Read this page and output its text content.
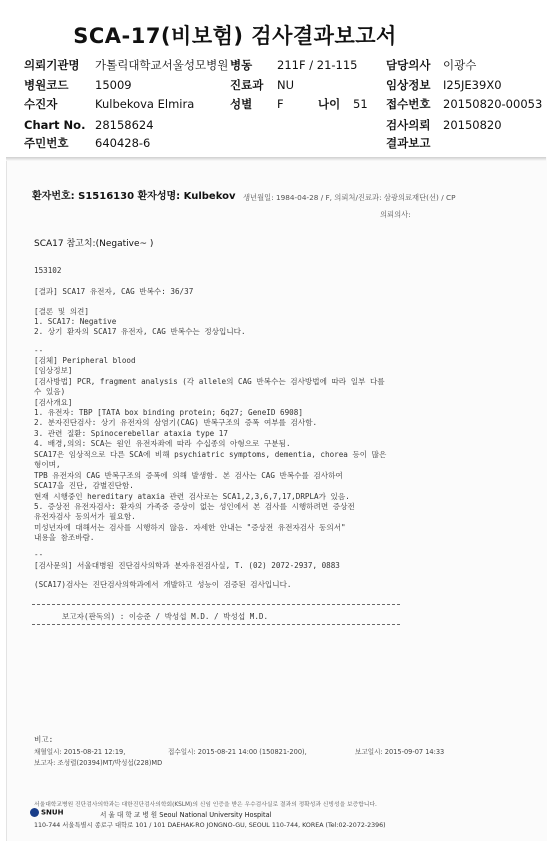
SCA-17(비보험) 검사결과보고서
의뢰기관명 가톨릭대학교서울성모병원 병동 211F / 21-115 담당의사 이광수
병원코드 15009	진료과 NU	임상정보 I25JE39X0
수진자	Kulbekova Elmira	성별 F	나이 51 접수번호 20150820-00053
Chart No. 28158624	검사의뢰 20150820
주민번호 640428-6	결과보고
환자번호: S1516130 환자성명: Kulbekov 생년월일: 1984-04-28 / F, 의뢰처/진료과: 삼광의료재단(선) / CP
의뢰의사:
SCA17 참고치:(Negative~ )
153102
[결과] SCA17 유전자, CAG 반복수: 36/37
[결론 및 의견]
1. SCA17: Negative
2. 상기 환자의 SCA17 유전자, CAG 반복수는 정상입니다.
--
[검체] Peripheral blood
[임상정보]
[검사방법] PCR, fragment analysis (각 allele의 CAG 반복수는 검사방법에 따라 일부 다를
수 있음)
[검사개요]
1. 유전자: TBP [TATA box binding protein; 6q27; GeneID 6908]
2. 분자진단검사: 상기 유전자의 삼염기(CAG) 반복구조의 증폭 여부를 검사함.
3. 관련 질환: Spinocerebellar ataxia type 17
4. 배경,의의: SCA는 원인 유전자좌에 따라 수십종의 아형으로 구분됨.
SCA17은 임상적으로 다른 SCA에 비해 psychiatric symptoms, dementia, chorea 등이 많은
형이며,
TPB 유전자의 CAG 반복구조의 증폭에 의해 발생함. 본 검사는 CAG 반복수를 검사하여
SCA17을 진단, 감별진단함.
현재 시행중인 hereditary ataxia 관련 검사로는 SCA1,2,3,6,7,17,DRPLA가 있음.
5. 증상전 유전자검사: 환자의 가족중 증상이 없는 성인에서 본 검사를 시행하려면 증상전
유전자검사 동의서가 필요함.
미성년자에 대해서는 검사를 시행하지 않음. 자세한 안내는 "증상전 유전자검사 동의서"
내용을 참조바람.
--
[검사문의] 서울대병원 진단검사의학과 분자유전검사실, T. (02) 2072-2937, 0883
(SCA17)검사는 진단검사의학과에서 개발하고 성능이 검증된 검사입니다.
보고자(판독의) : 이승준 / 박성섭 M.D. / 박성섭 M.D.
비고:
채혈일시: 2015-08-21 12:19,	접수일시: 2015-08-21 14:00 (150821-200),	보고일시: 2015-09-07 14:33
보고자: 조성렬(20394)MT/박성섭(228)MD
서울대학교병원 진단검사의학과는 대한진단검사의학회(KSLM)의 신임 인증을 받은 우수검사실로 결과의 정확성과 신빙성을 보증합니다.
SNUH	서 울 대 학 교 병 원 Seoul National University Hospital
110-744 서울특별시 종로구 대학로 101 / 101 DAEHAK-RO JONGNO-GU, SEOUL 110-744, KOREA (Tel:02-2072-2396)
